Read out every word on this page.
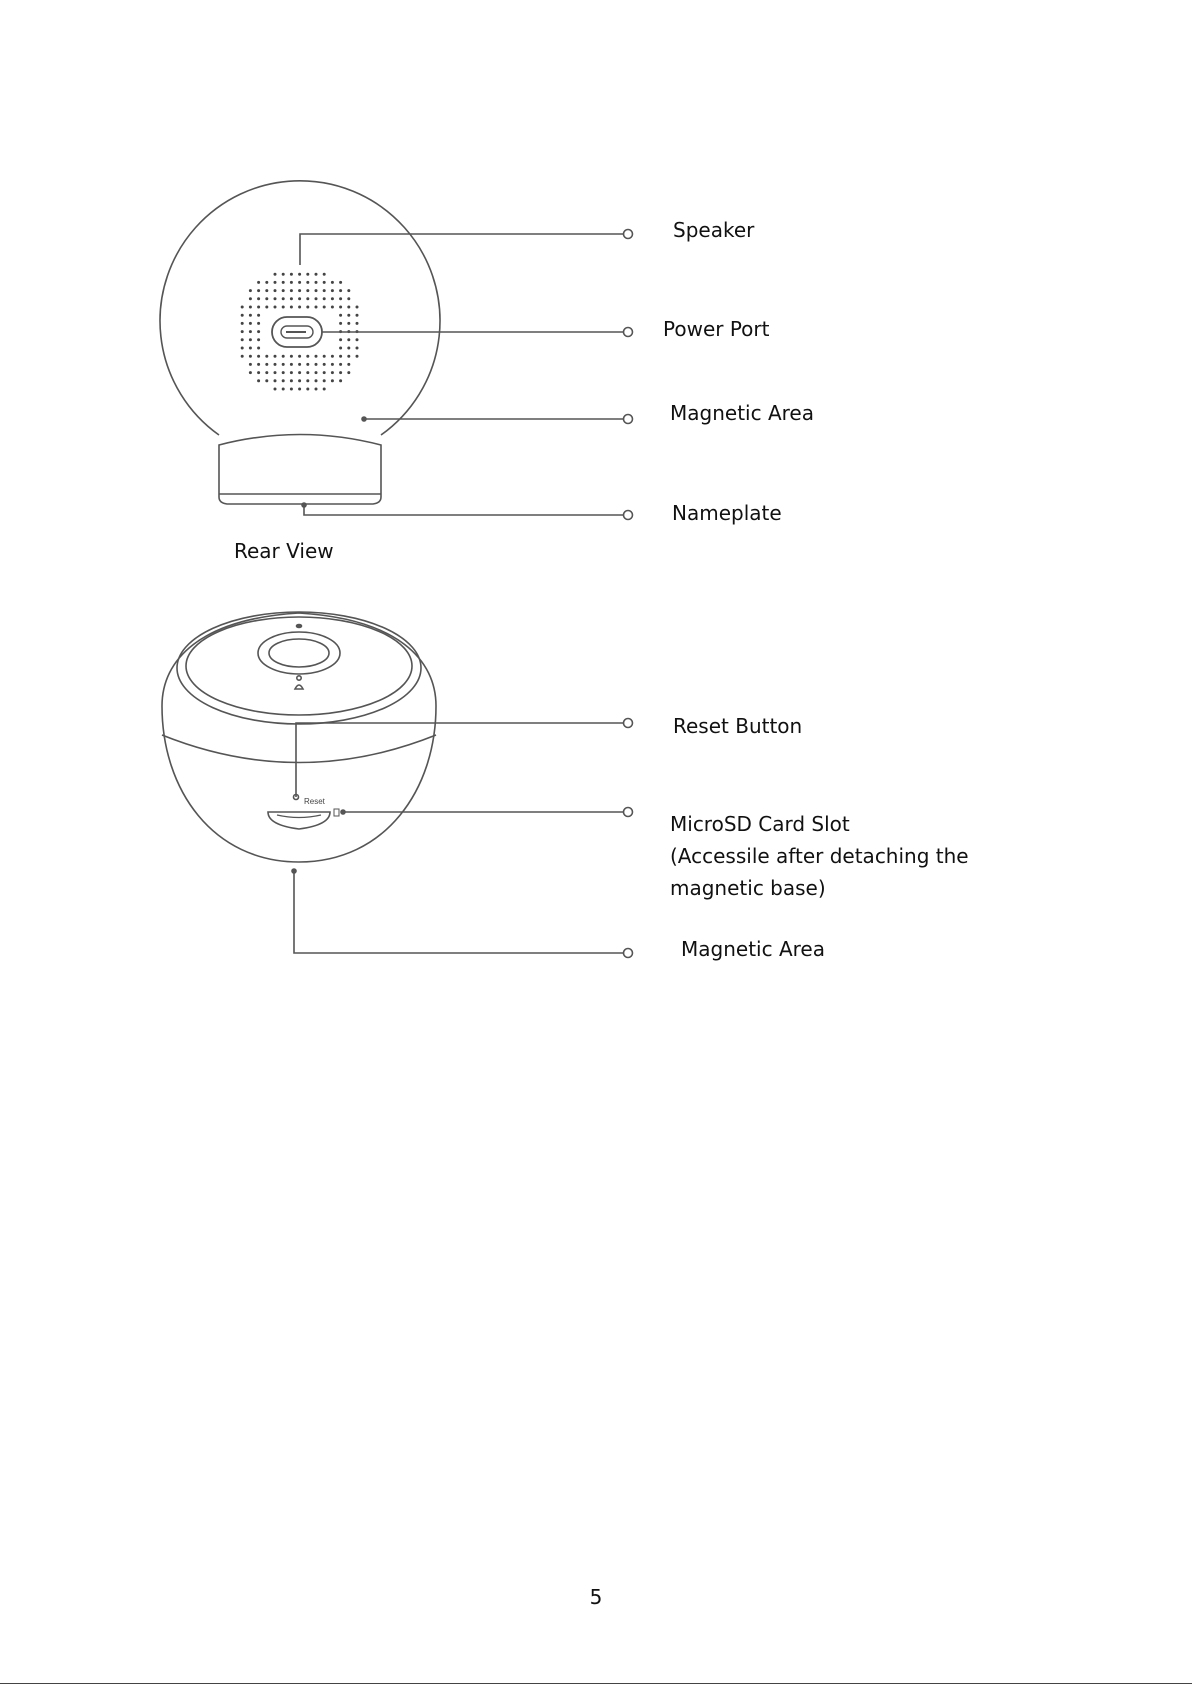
Reset
Speaker
Power Port
Magnetic Area
Nameplate
Rear View
Reset Button
MicroSD Card Slot
(Accessile after detaching the
magnetic base)
Magnetic Area
5
